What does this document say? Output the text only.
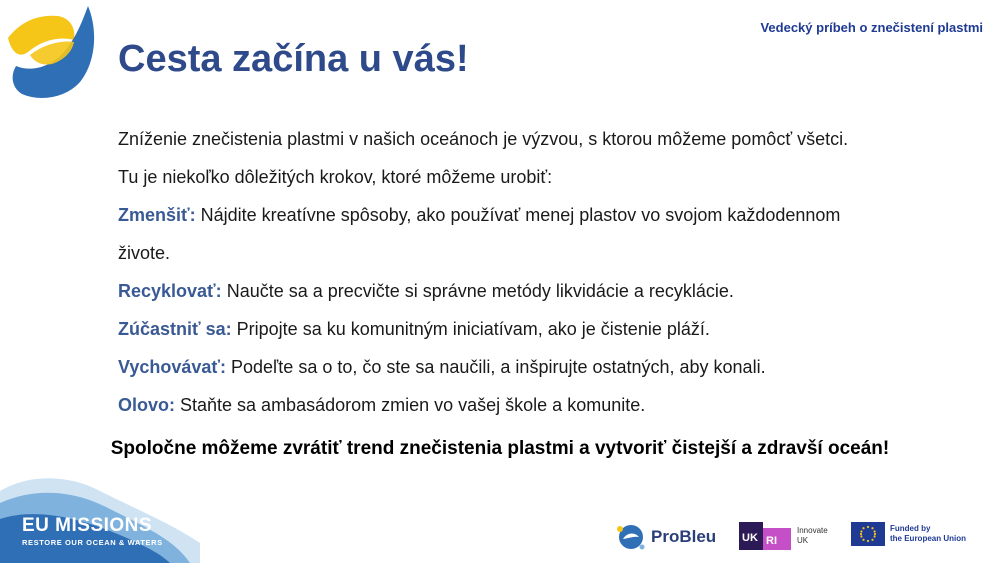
Vedecký príbeh o znečistení plastmi
Cesta začína u vás!
Zníženie znečistenia plastmi v našich oceánoch je výzvou, s ktorou môžeme pomôcť všetci.
Tu je niekoľko dôležitých krokov, ktoré môžeme urobiť:
Zmenšiť: Nájdite kreatívne spôsoby, ako používať menej plastov vo svojom každodennom
živote.
Recyklovať: Naučte sa a precvičte si správne metódy likvidácie a recyklácie.
Zúčastniť sa: Pripojte sa ku komunitným iniciatívam, ako je čistenie pláží.
Vychovávať: Podeľte sa o to, čo ste sa naučili, a inšpirujte ostatných, aby konali.
Olovo: Staňte sa ambasádorom zmien vo vašej škole a komunite.
Spoločne môžeme zvrátiť trend znečistenia plastmi a vytvoriť čistejší a zdravší oceán!
EU MISSIONS
RESTORE OUR OCEAN & WATERS	ProBleu UK RI
Innovate
UK
Funded by
the European Union
